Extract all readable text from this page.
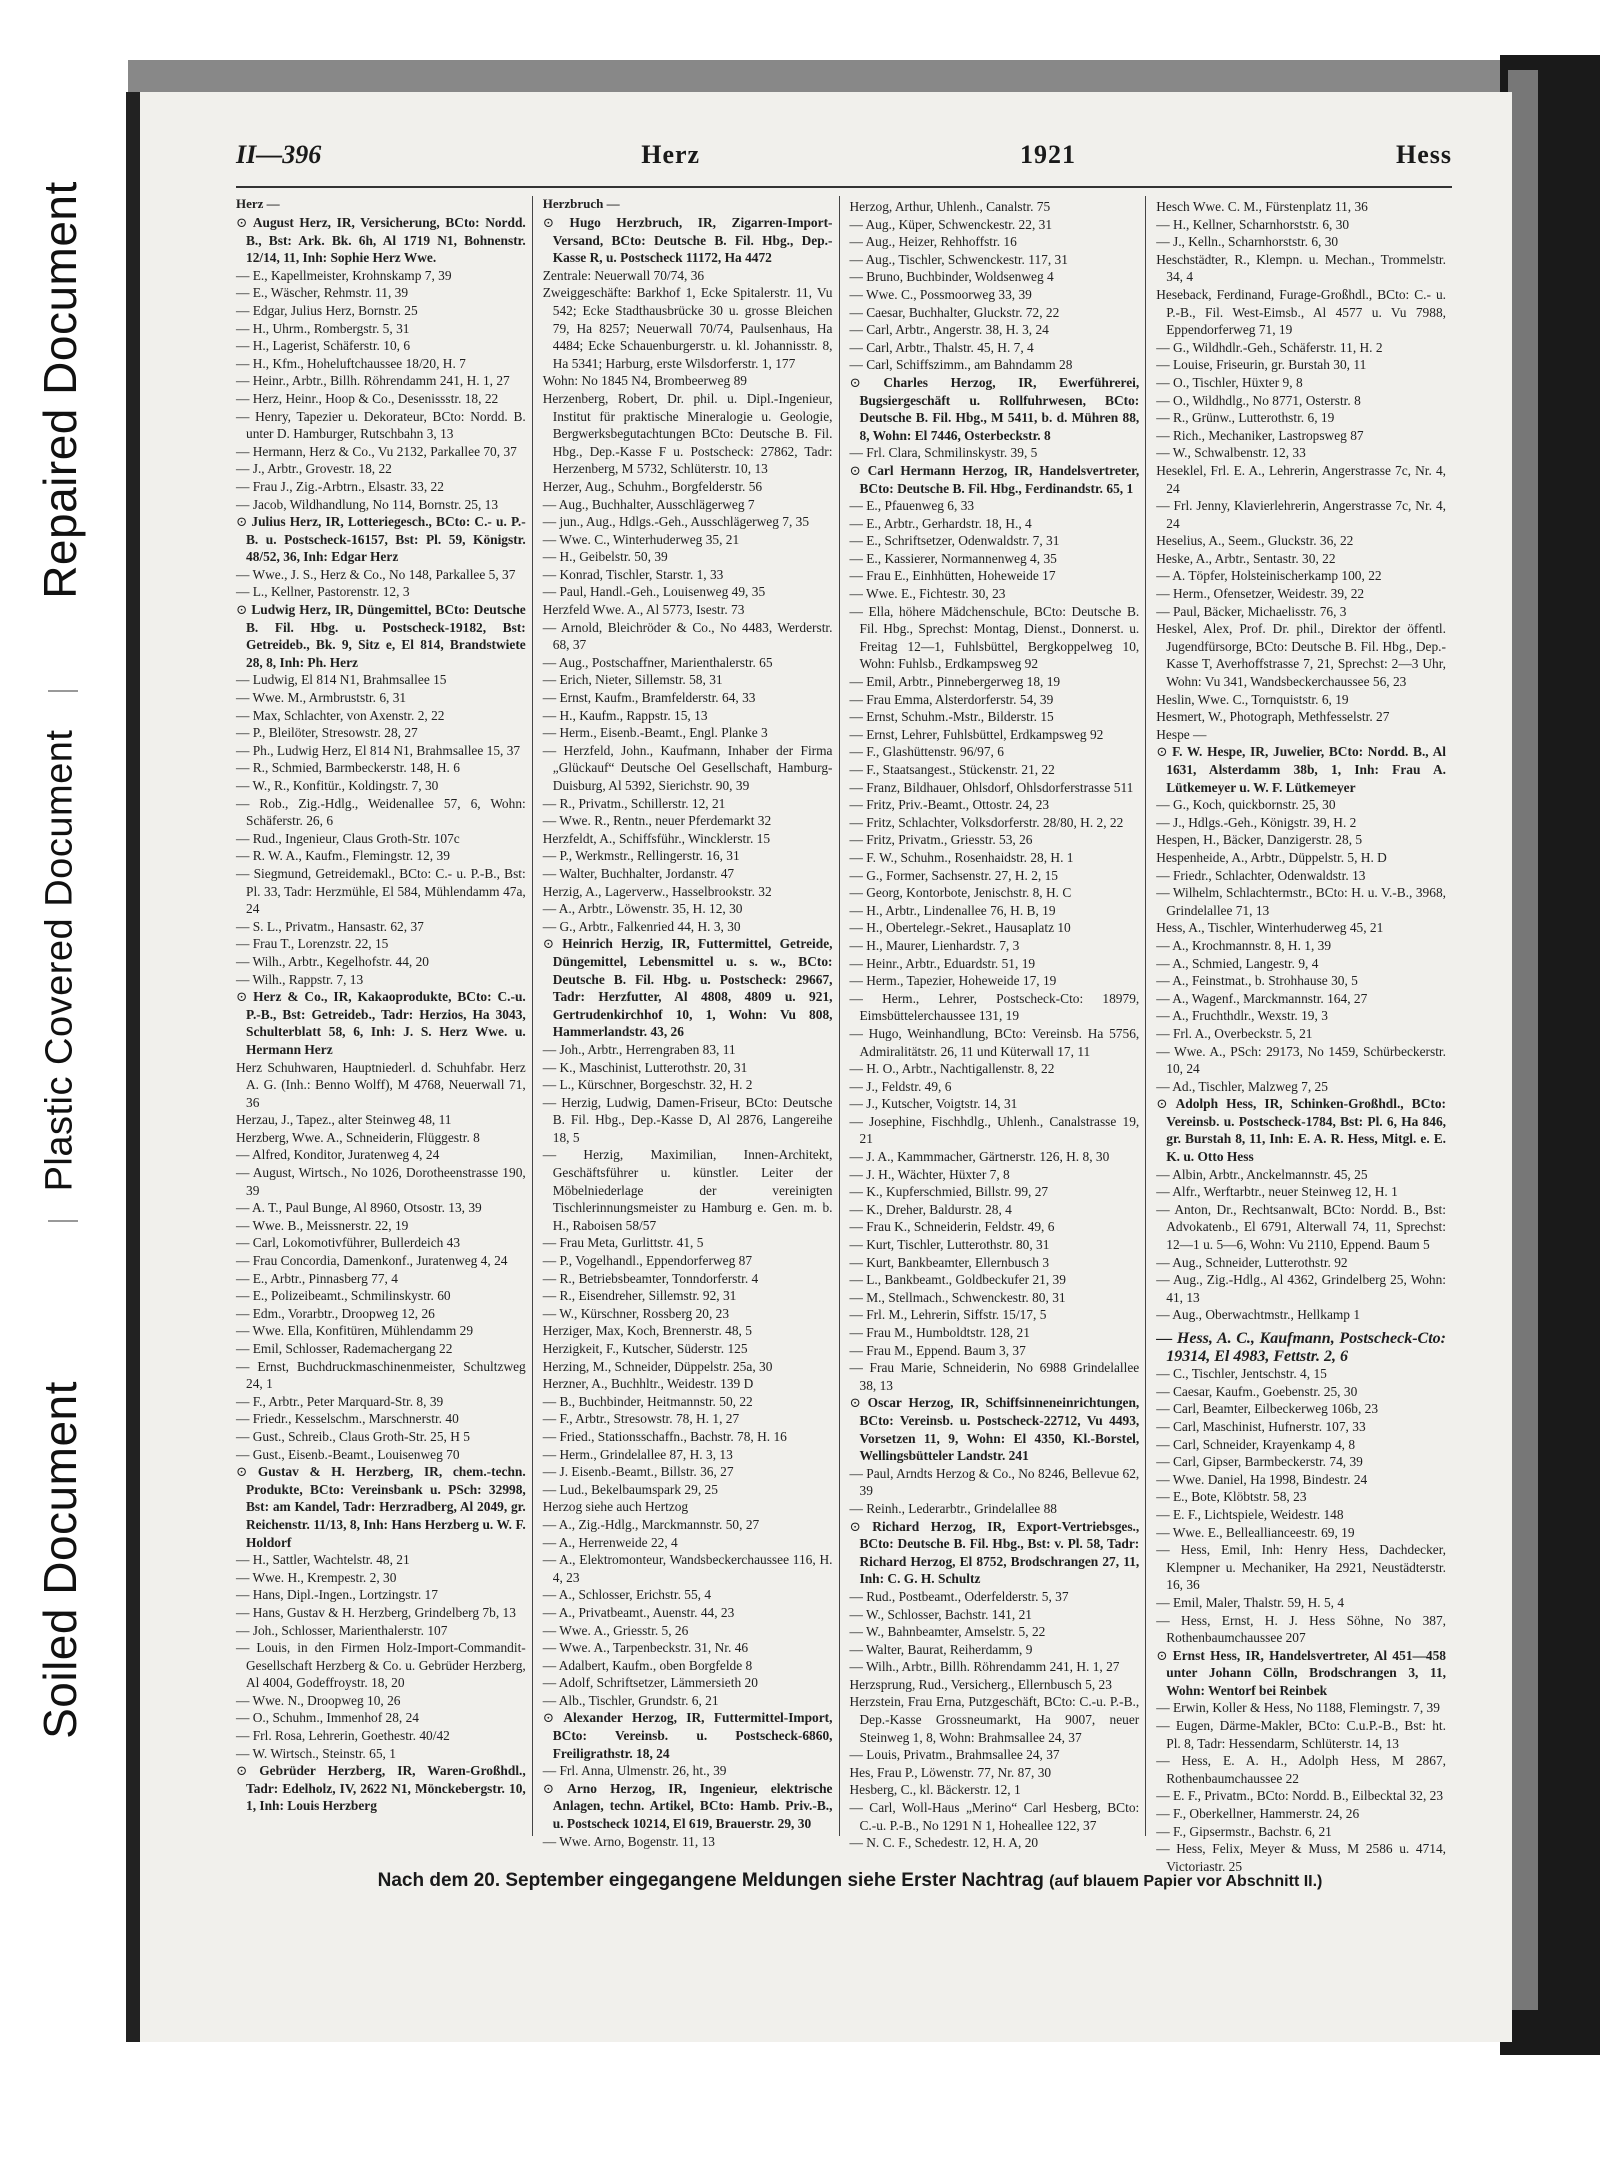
Repaired Document
Plastic Covered Document
Soiled Document
II—396	Herz	1921	Hess
Herz —
⊙ August Herz, IR, Versicherung, BCto: Nordd. B., Bst: Ark. Bk. 6h, Al 1719 N1, Bohnenstr. 12/14, 11, Inh: Sophie Herz Wwe.
— E., Kapellmeister, Krohnskamp 7, 39
— E., Wäscher, Rehmstr. 11, 39
— Edgar, Julius Herz, Bornstr. 25
— H., Uhrm., Rombergstr. 5, 31
— H., Lagerist, Schäferstr. 10, 6
— H., Kfm., Hoheluftchaussee 18/20, H. 7
— Heinr., Arbtr., Billh. Röhrendamm 241, H. 1, 27
— Herz, Heinr., Hoop & Co., Desenissstr. 18, 22
— Henry, Tapezier u. Dekorateur, BCto: Nordd. B. unter D. Hamburger, Rutschbahn 3, 13
— Hermann, Herz & Co., Vu 2132, Parkallee 70, 37
— J., Arbtr., Grovestr. 18, 22
— Frau J., Zig.-Arbtrn., Elsastr. 33, 22
— Jacob, Wildhandlung, No 114, Bornstr. 25, 13
⊙ Julius Herz, IR, Lotteriegesch., BCto: C.- u. P.-B. u. Postscheck-16157, Bst: Pl. 59, Königstr. 48/52, 36, Inh: Edgar Herz
— Wwe., J. S., Herz & Co., No 148, Parkallee 5, 37
— L., Kellner, Pastorenstr. 12, 3
⊙ Ludwig Herz, IR, Düngemittel, BCto: Deutsche B. Fil. Hbg. u. Postscheck-19182, Bst: Getreideb., Bk. 9, Sitz e, El 814, Brandstwiete 28, 8, Inh: Ph. Herz
— Ludwig, El 814 N1, Brahmsallee 15
— Wwe. M., Armbruststr. 6, 31
— Max, Schlachter, von Axenstr. 2, 22
— P., Bleilöter, Stresowstr. 28, 27
— Ph., Ludwig Herz, El 814 N1, Brahmsallee 15, 37
— R., Schmied, Barmbeckerstr. 148, H. 6
— W., R., Konfitür., Koldingstr. 7, 30
— Rob., Zig.-Hdlg., Weidenallee 57, 6, Wohn: Schäferstr. 26, 6
— Rud., Ingenieur, Claus Groth-Str. 107c
— R. W. A., Kaufm., Flemingstr. 12, 39
— Siegmund, Getreidemakl., BCto: C.- u. P.-B., Bst: Pl. 33, Tadr: Herzmühle, El 584, Mühlendamm 47a, 24
— S. L., Privatm., Hansastr. 62, 37
— Frau T., Lorenzstr. 22, 15
— Wilh., Arbtr., Kegelhofstr. 44, 20
— Wilh., Rappstr. 7, 13
⊙ Herz & Co., IR, Kakaoprodukte, BCto: C.-u. P.-B., Bst: Getreideb., Tadr: Herzios, Ha 3043, Schulterblatt 58, 6, Inh: J. S. Herz Wwe. u. Hermann Herz
Herz Schuhwaren, Hauptniederl. d. Schuhfabr. Herz A. G. (Inh.: Benno Wolff), M 4768, Neuerwall 71, 36
Herzau, J., Tapez., alter Steinweg 48, 11
Herzberg, Wwe. A., Schneiderin, Flüggestr. 8
— Alfred, Konditor, Juratenweg 4, 24
— August, Wirtsch., No 1026, Dorotheenstrasse 190, 39
— A. T., Paul Bunge, Al 8960, Otsostr. 13, 39
— Wwe. B., Meissnerstr. 22, 19
— Carl, Lokomotivführer, Bullerdeich 43
— Frau Concordia, Damenkonf., Juratenweg 4, 24
— E., Arbtr., Pinnasberg 77, 4
— E., Polizeibeamt., Schmilinskystr. 60
— Edm., Vorarbtr., Droopweg 12, 26
— Wwe. Ella, Konfitüren, Mühlendamm 29
— Emil, Schlosser, Rademachergang 22
— Ernst, Buchdruckmaschinenmeister, Schultzweg 24, 1
— F., Arbtr., Peter Marquard-Str. 8, 39
— Friedr., Kesselschm., Marschnerstr. 40
— Gust., Schreib., Claus Groth-Str. 25, H 5
— Gust., Eisenb.-Beamt., Louisenweg 70
⊙ Gustav & H. Herzberg, IR, chem.-techn. Produkte, BCto: Vereinsbank u. PSch: 32998, Bst: am Kandel, Tadr: Herzradberg, Al 2049, gr. Reichenstr. 11/13, 8, Inh: Hans Herzberg u. W. F. Holdorf
— H., Sattler, Wachtelstr. 48, 21
— Wwe. H., Krempestr. 2, 30
— Hans, Dipl.-Ingen., Lortzingstr. 17
— Hans, Gustav & H. Herzberg, Grindelberg 7b, 13
— Joh., Schlosser, Marienthalerstr. 107
— Louis, in den Firmen Holz-Import-Commandit-Gesellschaft Herzberg & Co. u. Gebrüder Herzberg, Al 4004, Godeffroystr. 18, 20
— Wwe. N., Droopweg 10, 26
— O., Schuhm., Immenhof 28, 24
— Frl. Rosa, Lehrerin, Goethestr. 40/42
— W. Wirtsch., Steinstr. 65, 1
⊙ Gebrüder Herzberg, IR, Waren-Großhdl., Tadr: Edelholz, IV, 2622 N1, Mönckebergstr. 10, 1, Inh: Louis Herzberg
Herzbruch —
⊙ Hugo Herzbruch, IR, Zigarren-Import-Versand, BCto: Deutsche B. Fil. Hbg., Dep.-Kasse R, u. Postscheck 11172, Ha 4472
Zentrale: Neuerwall 70/74, 36
Zweiggeschäfte: Barkhof 1, Ecke Spitalerstr. 11, Vu 542; Ecke Stadthausbrücke 30 u. grosse Bleichen 79, Ha 8257; Neuerwall 70/74, Paulsenhaus, Ha 4484; Ecke Schauenburgerstr. u. kl. Johannisstr. 8, Ha 5341; Harburg, erste Wilsdorferstr. 1, 177
Wohn: No 1845 N4, Brombeerweg 89
Herzenberg, Robert, Dr. phil. u. Dipl.-Ingenieur, Institut für praktische Mineralogie u. Geologie, Bergwerksbegutachtungen BCto: Deutsche B. Fil. Hbg., Dep.-Kasse F u. Postscheck: 27862, Tadr: Herzenberg, M 5732, Schlüterstr. 10, 13
Herzer, Aug., Schuhm., Borgfelderstr. 56
— Aug., Buchhalter, Ausschlägerweg 7
— jun., Aug., Hdlgs.-Geh., Ausschlägerweg 7, 35
— Wwe. C., Winterhuderweg 35, 21
— H., Geibelstr. 50, 39
— Konrad, Tischler, Starstr. 1, 33
— Paul, Handl.-Geh., Louisenweg 49, 35
Herzfeld Wwe. A., Al 5773, Isestr. 73
— Arnold, Bleichröder & Co., No 4483, Werderstr. 68, 37
— Aug., Postschaffner, Marienthalerstr. 65
— Erich, Nieter, Sillemstr. 58, 31
— Ernst, Kaufm., Bramfelderstr. 64, 33
— H., Kaufm., Rappstr. 15, 13
— Herm., Eisenb.-Beamt., Engl. Planke 3
— Herzfeld, John., Kaufmann, Inhaber der Firma „Glückauf“ Deutsche Oel Gesellschaft, Hamburg-Duisburg, Al 5392, Sierichstr. 90, 39
— R., Privatm., Schillerstr. 12, 21
— Wwe. R., Rentn., neuer Pferdemarkt 32
Herzfeldt, A., Schiffsführ., Wincklerstr. 15
— P., Werkmstr., Rellingerstr. 16, 31
— Walter, Buchhalter, Jordanstr. 47
Herzig, A., Lagerverw., Hasselbrookstr. 32
— A., Arbtr., Löwenstr. 35, H. 12, 30
— G., Arbtr., Falkenried 44, H. 3, 30
⊙ Heinrich Herzig, IR, Futtermittel, Getreide, Düngemittel, Lebensmittel u. s. w., BCto: Deutsche B. Fil. Hbg. u. Postscheck: 29667, Tadr: Herzfutter, Al 4808, 4809 u. 921, Gertrudenkirchhof 10, 1, Wohn: Vu 808, Hammerlandstr. 43, 26
— Joh., Arbtr., Herrengraben 83, 11
— K., Maschinist, Lutterothstr. 20, 31
— L., Kürschner, Borgeschstr. 32, H. 2
— Herzig, Ludwig, Damen-Friseur, BCto: Deutsche B. Fil. Hbg., Dep.-Kasse D, Al 2876, Langereihe 18, 5
— Herzig, Maximilian, Innen-Architekt, Geschäftsführer u. künstler. Leiter der Möbelniederlage der vereinigten Tischlerinnungsmeister zu Hamburg e. Gen. m. b. H., Raboisen 58/57
— Frau Meta, Gurlittstr. 41, 5
— P., Vogelhandl., Eppendorferweg 87
— R., Betriebsbeamter, Tonndorferstr. 4
— R., Eisendreher, Sillemstr. 92, 31
— W., Kürschner, Rossberg 20, 23
Herziger, Max, Koch, Brennerstr. 48, 5
Herzigkeit, F., Kutscher, Süderstr. 125
Herzing, M., Schneider, Düppelstr. 25a, 30
Herzner, A., Buchhltr., Weidestr. 139 D
— B., Buchbinder, Heitmannstr. 50, 22
— F., Arbtr., Stresowstr. 78, H. 1, 27
— Fried., Stationsschaffn., Bachstr. 78, H. 16
— Herm., Grindelallee 87, H. 3, 13
— J. Eisenb.-Beamt., Billstr. 36, 27
— Lud., Bekelbaumspark 29, 25
Herzog siehe auch Hertzog
— A., Zig.-Hdlg., Marckmannstr. 50, 27
— A., Herrenweide 22, 4
— A., Elektromonteur, Wandsbeckerchaussee 116, H. 4, 23
— A., Schlosser, Erichstr. 55, 4
— A., Privatbeamt., Auenstr. 44, 23
— Wwe. A., Griesstr. 5, 26
— Wwe. A., Tarpenbeckstr. 31, Nr. 46
— Adalbert, Kaufm., oben Borgfelde 8
— Adolf, Schriftsetzer, Lämmersieth 20
— Alb., Tischler, Grundstr. 6, 21
⊙ Alexander Herzog, IR, Futtermittel-Import, BCto: Vereinsb. u. Postscheck-6860, Freiligrathstr. 18, 24
— Frl. Anna, Ulmenstr. 26, ht., 39
⊙ Arno Herzog, IR, Ingenieur, elektrische Anlagen, techn. Artikel, BCto: Hamb. Priv.-B., u. Postscheck 10214, El 619, Brauerstr. 29, 30
— Wwe. Arno, Bogenstr. 11, 13
Herzog, Arthur, Uhlenh., Canalstr. 75
— Aug., Küper, Schwenckestr. 22, 31
— Aug., Heizer, Rehhoffstr. 16
— Aug., Tischler, Schwenckestr. 117, 31
— Bruno, Buchbinder, Woldsenweg 4
— Wwe. C., Possmoorweg 33, 39
— Caesar, Buchhalter, Gluckstr. 72, 22
— Carl, Arbtr., Angerstr. 38, H. 3, 24
— Carl, Arbtr., Thalstr. 45, H. 7, 4
— Carl, Schiffszimm., am Bahndamm 28
⊙ Charles Herzog, IR, Ewerführerei, Bugsiergeschäft u. Rollfuhrwesen, BCto: Deutsche B. Fil. Hbg., M 5411, b. d. Mühren 88, 8, Wohn: El 7446, Osterbeckstr. 8
— Frl. Clara, Schmilinskystr. 39, 5
⊙ Carl Hermann Herzog, IR, Handelsvertreter, BCto: Deutsche B. Fil. Hbg., Ferdinandstr. 65, 1
— E., Pfauenweg 6, 33
— E., Arbtr., Gerhardstr. 18, H., 4
— E., Schriftsetzer, Odenwaldstr. 7, 31
— E., Kassierer, Normannenweg 4, 35
— Frau E., Einhhütten, Hoheweide 17
— Wwe. E., Fichtestr. 30, 23
— Ella, höhere Mädchenschule, BCto: Deutsche B. Fil. Hbg., Sprechst: Montag, Dienst., Donnerst. u. Freitag 12—1, Fuhlsbüttel, Bergkoppelweg 10, Wohn: Fuhlsb., Erdkampsweg 92
— Emil, Arbtr., Pinnebergerweg 18, 19
— Frau Emma, Alsterdorferstr. 54, 39
— Ernst, Schuhm.-Mstr., Bilderstr. 15
— Ernst, Lehrer, Fuhlsbüttel, Erdkampsweg 92
— F., Glashüttenstr. 96/97, 6
— F., Staatsangest., Stückenstr. 21, 22
— Franz, Bildhauer, Ohlsdorf, Ohlsdorferstrasse 511
— Fritz, Priv.-Beamt., Ottostr. 24, 23
— Fritz, Schlachter, Volksdorferstr. 28/80, H. 2, 22
— Fritz, Privatm., Griesstr. 53, 26
— F. W., Schuhm., Rosenhaidstr. 28, H. 1
— G., Former, Sachsenstr. 27, H. 2, 15
— Georg, Kontorbote, Jenischstr. 8, H. C
— H., Arbtr., Lindenallee 76, H. B, 19
— H., Obertelegr.-Sekret., Hausaplatz 10
— H., Maurer, Lienhardstr. 7, 3
— Heinr., Arbtr., Eduardstr. 51, 19
— Herm., Tapezier, Hoheweide 17, 19
— Herm., Lehrer, Postscheck-Cto: 18979, Eimsbüttelerchaussee 131, 19
— Hugo, Weinhandlung, BCto: Vereinsb. Ha 5756, Admiralitätstr. 26, 11 und Küterwall 17, 11
— H. O., Arbtr., Nachtigallenstr. 8, 22
— J., Feldstr. 49, 6
— J., Kutscher, Voigtstr. 14, 31
— Josephine, Fischhdlg., Uhlenh., Canalstrasse 19, 21
— J. A., Kammmacher, Gärtnerstr. 126, H. 8, 30
— J. H., Wächter, Hüxter 7, 8
— K., Kupferschmied, Billstr. 99, 27
— K., Dreher, Baldurstr. 28, 4
— Frau K., Schneiderin, Feldstr. 49, 6
— Kurt, Tischler, Lutterothstr. 80, 31
— Kurt, Bankbeamter, Ellernbusch 3
— L., Bankbeamt., Goldbeckufer 21, 39
— M., Stellmach., Schwenckestr. 80, 31
— Frl. M., Lehrerin, Siffstr. 15/17, 5
— Frau M., Humboldtstr. 128, 21
— Frau M., Eppend. Baum 3, 37
— Frau Marie, Schneiderin, No 6988 Grindelallee 38, 13
⊙ Oscar Herzog, IR, Schiffsinneneinrichtungen, BCto: Vereinsb. u. Postscheck-22712, Vu 4493, Vorsetzen 11, 9, Wohn: El 4350, Kl.-Borstel, Wellingsbütteler Landstr. 241
— Paul, Arndts Herzog & Co., No 8246, Bellevue 62, 39
— Reinh., Lederarbtr., Grindelallee 88
⊙ Richard Herzog, IR, Export-Vertriebsges., BCto: Deutsche B. Fil. Hbg., Bst: v. Pl. 58, Tadr: Richard Herzog, El 8752, Brodschrangen 27, 11, Inh: C. G. H. Schultz
— Rud., Postbeamt., Oderfelderstr. 5, 37
— W., Schlosser, Bachstr. 141, 21
— W., Bahnbeamter, Amselstr. 5, 22
— Walter, Baurat, Reiherdamm, 9
— Wilh., Arbtr., Billh. Röhrendamm 241, H. 1, 27
Herzsprung, Rud., Versicherg., Ellernbusch 5, 23
Herzstein, Frau Erna, Putzgeschäft, BCto: C.-u. P.-B., Dep.-Kasse Grossneumarkt, Ha 9007, neuer Steinweg 1, 8, Wohn: Brahmsallee 24, 37
— Louis, Privatm., Brahmsallee 24, 37
Hes, Frau P., Löwenstr. 77, Nr. 87, 30
Hesberg, C., kl. Bäckerstr. 12, 1
— Carl, Woll-Haus „Merino“ Carl Hesberg, BCto: C.-u. P.-B., No 1291 N 1, Hoheallee 122, 37
— N. C. F., Schedestr. 12, H. A, 20
Hesch Wwe. C. M., Fürstenplatz 11, 36
— H., Kellner, Scharnhorststr. 6, 30
— J., Kelln., Scharnhorststr. 6, 30
Heschstädter, R., Klempn. u. Mechan., Trommelstr. 34, 4
Heseback, Ferdinand, Furage-Großhdl., BCto: C.- u. P.-B., Fil. West-Eimsb., Al 4577 u. Vu 7988, Eppendorferweg 71, 19
— G., Wildhdlr.-Geh., Schäferstr. 11, H. 2
— Louise, Friseurin, gr. Burstah 30, 11
— O., Tischler, Hüxter 9, 8
— O., Wildhdlg., No 8771, Osterstr. 8
— R., Grünw., Lutterothstr. 6, 19
— Rich., Mechaniker, Lastropsweg 87
— W., Schwalbenstr. 12, 33
Heseklel, Frl. E. A., Lehrerin, Angerstrasse 7c, Nr. 4, 24
— Frl. Jenny, Klavierlehrerin, Angerstrasse 7c, Nr. 4, 24
Heselius, A., Seem., Gluckstr. 36, 22
Heske, A., Arbtr., Sentastr. 30, 22
— A. Töpfer, Holsteinischerkamp 100, 22
— Herm., Ofensetzer, Weidestr. 39, 22
— Paul, Bäcker, Michaelisstr. 76, 3
Heskel, Alex, Prof. Dr. phil., Direktor der öffentl. Jugendfürsorge, BCto: Deutsche B. Fil. Hbg., Dep.-Kasse T, Averhoffstrasse 7, 21, Sprechst: 2—3 Uhr, Wohn: Vu 341, Wandsbeckerchaussee 56, 23
Heslin, Wwe. C., Tornquiststr. 6, 19
Hesmert, W., Photograph, Methfesselstr. 27
Hespe —
⊙ F. W. Hespe, IR, Juwelier, BCto: Nordd. B., Al 1631, Alsterdamm 38b, 1, Inh: Frau A. Lütkemeyer u. W. F. Lütkemeyer
— G., Koch, quickbornstr. 25, 30
— J., Hdlgs.-Geh., Königstr. 39, H. 2
Hespen, H., Bäcker, Danzigerstr. 28, 5
Hespenheide, A., Arbtr., Düppelstr. 5, H. D
— Friedr., Schlachter, Odenwaldstr. 13
— Wilhelm, Schlachtermstr., BCto: H. u. V.-B., 3968, Grindelallee 71, 13
Hess, A., Tischler, Winterhuderweg 45, 21
— A., Krochmannstr. 8, H. 1, 39
— A., Schmied, Langestr. 9, 4
— A., Feinstmat., b. Strohhause 30, 5
— A., Wagenf., Marckmannstr. 164, 27
— A., Fruchthdlr., Wexstr. 19, 3
— Frl. A., Overbeckstr. 5, 21
— Wwe. A., PSch: 29173, No 1459, Schürbeckerstr. 10, 24
— Ad., Tischler, Malzweg 7, 25
⊙ Adolph Hess, IR, Schinken-Großhdl., BCto: Vereinsb. u. Postscheck-1784, Bst: Pl. 6, Ha 846, gr. Burstah 8, 11, Inh: E. A. R. Hess, Mitgl. e. E. K. u. Otto Hess
— Albin, Arbtr., Anckelmannstr. 45, 25
— Alfr., Werftarbtr., neuer Steinweg 12, H. 1
— Anton, Dr., Rechtsanwalt, BCto: Nordd. B., Bst: Advokatenb., El 6791, Alterwall 74, 11, Sprechst: 12—1 u. 5—6, Wohn: Vu 2110, Eppend. Baum 5
— Aug., Schneider, Lutterothstr. 92
— Aug., Zig.-Hdlg., Al 4362, Grindelberg 25, Wohn: 41, 13
— Aug., Oberwachtmstr., Hellkamp 1
— Hess, A. C., Kaufmann, Postscheck-Cto: 19314, El 4983, Fettstr. 2, 6
— C., Tischler, Jentschstr. 4, 15
— Caesar, Kaufm., Goebenstr. 25, 30
— Carl, Beamter, Eilbeckerweg 106b, 23
— Carl, Maschinist, Hufnerstr. 107, 33
— Carl, Schneider, Krayenkamp 4, 8
— Carl, Gipser, Barmbeckerstr. 74, 39
— Wwe. Daniel, Ha 1998, Bindestr. 24
— E., Bote, Klöbtstr. 58, 23
— E. F., Lichtspiele, Weidestr. 148
— Wwe. E., Belleallianceestr. 69, 19
— Hess, Emil, Inh: Henry Hess, Dachdecker, Klempner u. Mechaniker, Ha 2921, Neustädterstr. 16, 36
— Emil, Maler, Thalstr. 59, H. 5, 4
— Hess, Ernst, H. J. Hess Söhne, No 387, Rothenbaumchaussee 207
⊙ Ernst Hess, IR, Handelsvertreter, Al 451—458 unter Johann Cölln, Brodschrangen 3, 11, Wohn: Wentorf bei Reinbek
— Erwin, Koller & Hess, No 1188, Flemingstr. 7, 39
— Eugen, Därme-Makler, BCto: C.u.P.-B., Bst: ht. Pl. 8, Tadr: Hessendarm, Schlüterstr. 14, 13
— Hess, E. A. H., Adolph Hess, M 2867, Rothenbaumchaussee 22
— E. F., Privatm., BCto: Nordd. B., Eilbecktal 32, 23
— F., Oberkellner, Hammerstr. 24, 26
— F., Gipsermstr., Bachstr. 6, 21
— Hess, Felix, Meyer & Muss, M 2586 u. 4714, Victoriastr. 25
Nach dem 20. September eingegangene Meldungen siehe Erster Nachtrag (auf blauem Papier vor Abschnitt II.)
